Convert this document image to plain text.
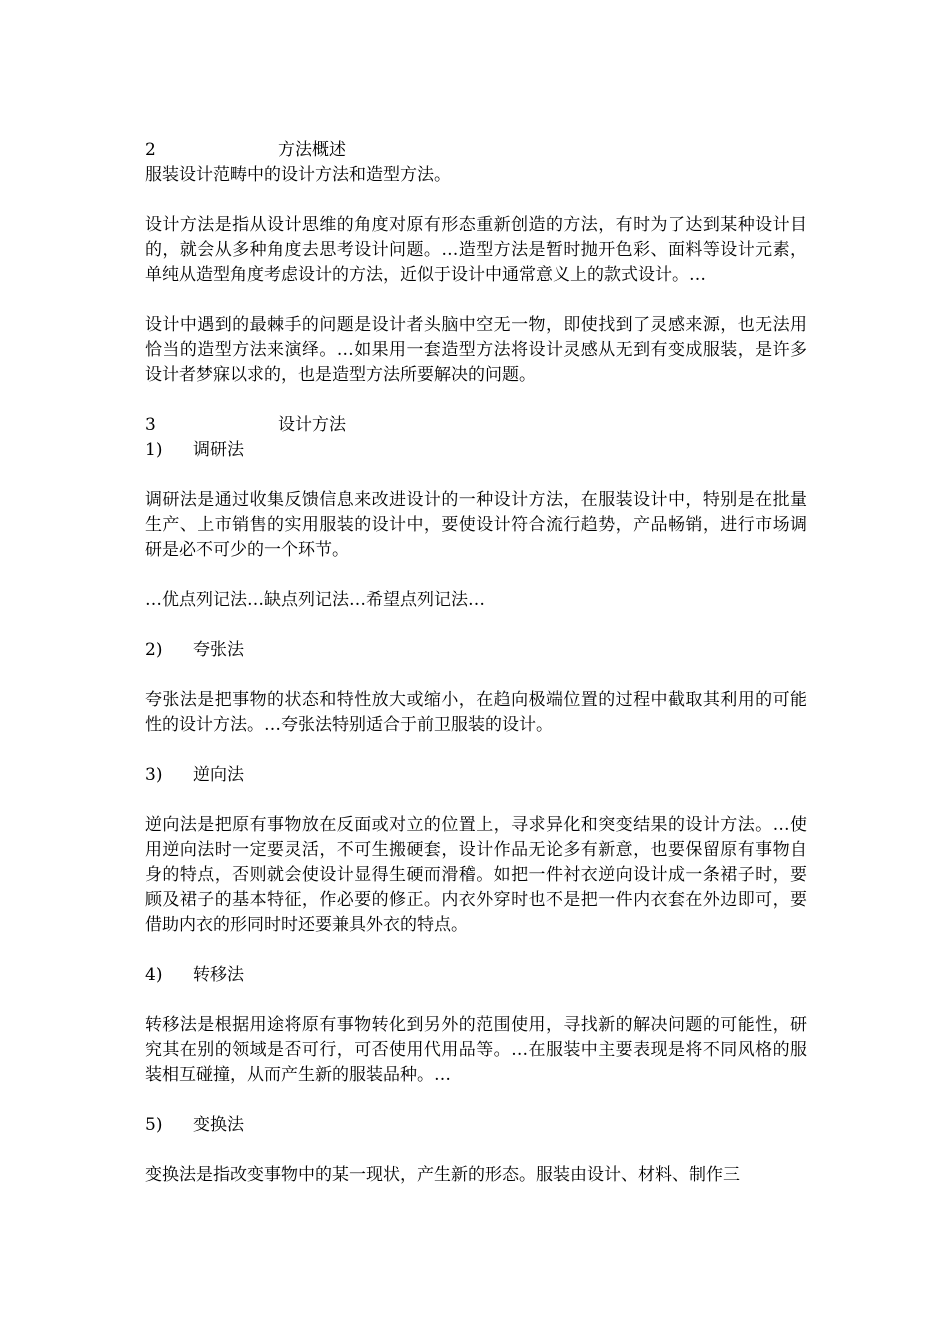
2	方法概述

服装设计范畴中的设计方法和造型方法。

设计方法是指从设计思维的角度对原有形态重新创造的方法，有时为了达到某种设计目的，就会从多种角度去思考设计问题。…造型方法是暂时抛开色彩、面料等设计元素，单纯从造型角度考虑设计的方法，近似于设计中通常意义上的款式设计。…

设计中遇到的最棘手的问题是设计者头脑中空无一物，即使找到了灵感来源，也无法用恰当的造型方法来演绎。…如果用一套造型方法将设计灵感从无到有变成服装，是许多设计者梦寐以求的，也是造型方法所要解决的问题。

3	设计方法
1) 调研法

调研法是通过收集反馈信息来改进设计的一种设计方法，在服装设计中，特别是在批量生产、上市销售的实用服装的设计中，要使设计符合流行趋势，产品畅销，进行市场调研是必不可少的一个环节。

…优点列记法…缺点列记法…希望点列记法…

2) 夸张法

夸张法是把事物的状态和特性放大或缩小，在趋向极端位置的过程中截取其利用的可能性的设计方法。…夸张法特别适合于前卫服装的设计。

3) 逆向法

逆向法是把原有事物放在反面或对立的位置上，寻求异化和突变结果的设计方法。…使用逆向法时一定要灵活，不可生搬硬套，设计作品无论多有新意，也要保留原有事物自身的特点，否则就会使设计显得生硬而滑稽。如把一件衬衣逆向设计成一条裙子时，要顾及裙子的基本特征，作必要的修正。内衣外穿时也不是把一件内衣套在外边即可，要借助内衣的形同时时还要兼具外衣的特点。

4) 转移法

转移法是根据用途将原有事物转化到另外的范围使用，寻找新的解决问题的可能性，研究其在别的领域是否可行，可否使用代用品等。…在服装中主要表现是将不同风格的服装相互碰撞，从而产生新的服装品种。…

5) 变换法

变换法是指改变事物中的某一现状，产生新的形态。服装由设计、材料、制作三
